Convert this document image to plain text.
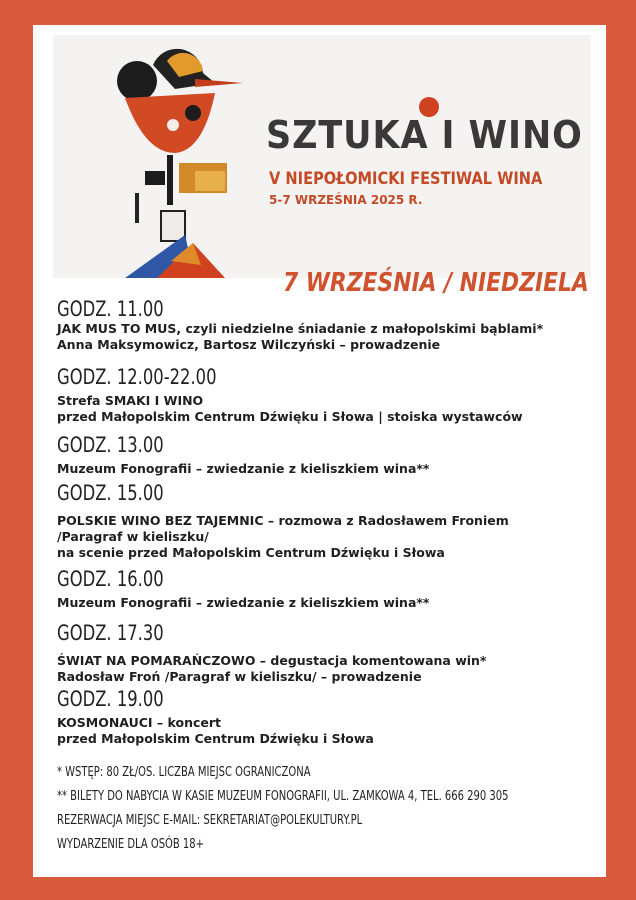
SZTUKA I WINO
V NIEPOŁOMICKI FESTIWAL WINA
5-7 WRZEŚNIA 2025 R.
7 WRZEŚNIA / NIEDZIELA
GODZ. 11.00
JAK MUS TO MUS, czyli niedzielne śniadanie z małopolskimi bąblami*
Anna Maksymowicz, Bartosz Wilczyński – prowadzenie
GODZ. 12.00-22.00
Strefa SMAKI I WINO
przed Małopolskim Centrum Dźwięku i Słowa | stoiska wystawców
GODZ. 13.00
Muzeum Fonografii – zwiedzanie z kieliszkiem wina**
GODZ. 15.00
POLSKIE WINO BEZ TAJEMNIC – rozmowa z Radosławem Froniem
/Paragraf w kieliszku/
na scenie przed Małopolskim Centrum Dźwięku i Słowa
GODZ. 16.00
Muzeum Fonografii – zwiedzanie z kieliszkiem wina**
GODZ. 17.30
ŚWIAT NA POMARAŃCZOWO – degustacja komentowana win*
Radosław Froń /Paragraf w kieliszku/ – prowadzenie
GODZ. 19.00
KOSMONAUCI – koncert
przed Małopolskim Centrum Dźwięku i Słowa
* WSTĘP: 80 ZŁ/OS. LICZBA MIEJSC OGRANICZONA
** BILETY DO NABYCIA W KASIE MUZEUM FONOGRAFII, UL. ZAMKOWA 4, TEL. 666 290 305
REZERWACJA MIEJSC E-MAIL: SEKRETARIAT@POLEKULTURY.PL
WYDARZENIE DLA OSÓB 18+
